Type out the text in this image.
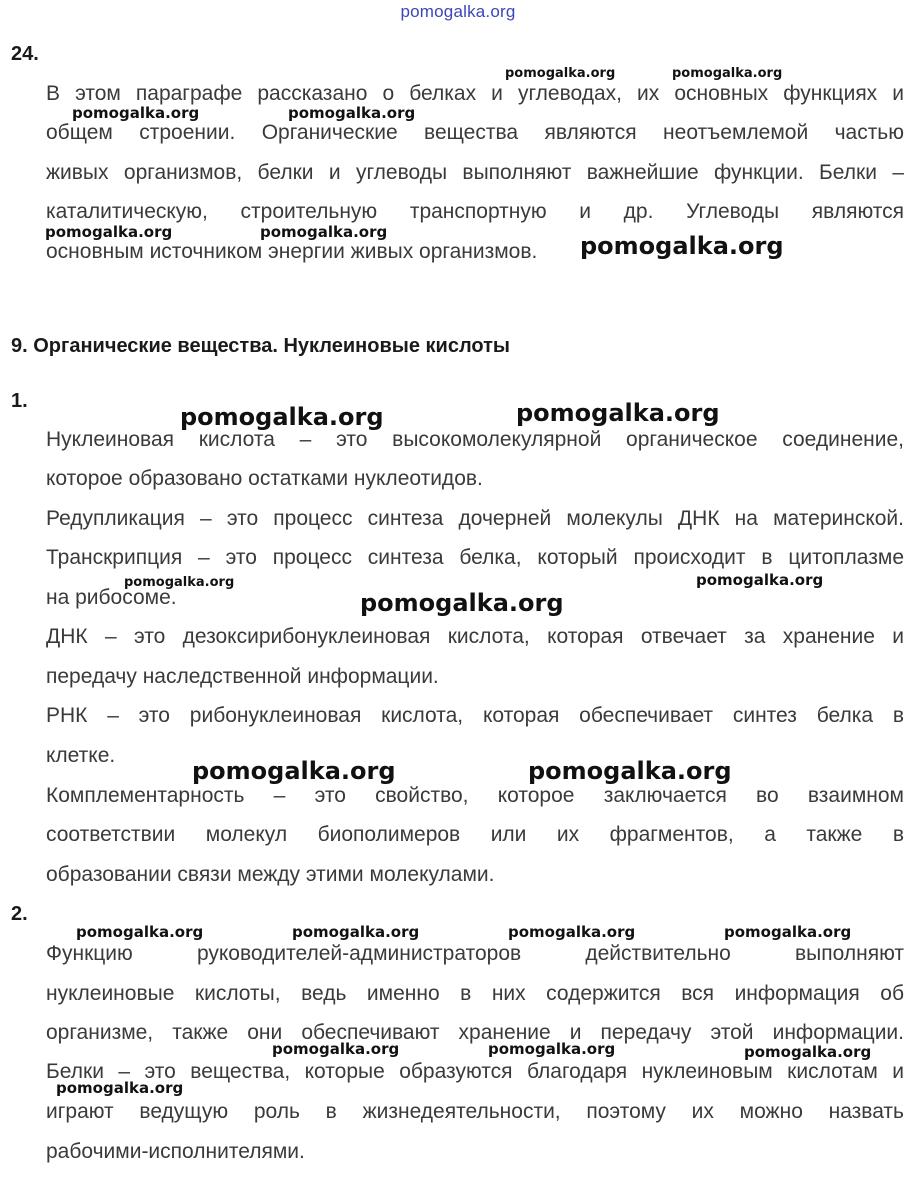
pomogalka.org
24.
В этом параграфе рассказано о белках и углеводах, их основных функциях и
общем строении. Органические вещества являются неотъемлемой частью
живых организмов, белки и углеводы выполняют важнейшие функции. Белки –
каталитическую, строительную транспортную и др. Углеводы являются
основным источником энергии живых организмов.
9. Органические вещества. Нуклеиновые кислоты
1.
Нуклеиновая кислота – это высокомолекулярной органическое соединение,
которое образовано остатками нуклеотидов.
Редупликация – это процесс синтеза дочерней молекулы ДНК на материнской.
Транскрипция – это процесс синтеза белка, который происходит в цитоплазме
на рибосоме.
ДНК – это дезоксирибонуклеиновая кислота, которая отвечает за хранение и
передачу наследственной информации.
РНК – это рибонуклеиновая кислота, которая обеспечивает синтез белка в
клетке.
Комплементарность – это свойство, которое заключается во взаимном
соответствии молекул биополимеров или их фрагментов, а также в
образовании связи между этими молекулами.
2.
Функцию руководителей-администраторов действительно выполняют
нуклеиновые кислоты, ведь именно в них содержится вся информация об
организме, также они обеспечивают хранение и передачу этой информации.
Белки – это вещества, которые образуются благодаря нуклеиновым кислотам и
играют ведущую роль в жизнедеятельности, поэтому их можно назвать
рабочими-исполнителями.
pomogalka.org	pomogalka.org
pomogalka.org	pomogalka.org
pomogalka.org	pomogalka.org	pomogalka.org
pomogalka.org	pomogalka.org
pomogalka.org	pomogalka.org
pomogalka.org
pomogalka.org	pomogalka.org
pomogalka.org	pomogalka.org	pomogalka.org	pomogalka.org
pomogalka.org	pomogalka.org	pomogalka.org
pomogalka.org
